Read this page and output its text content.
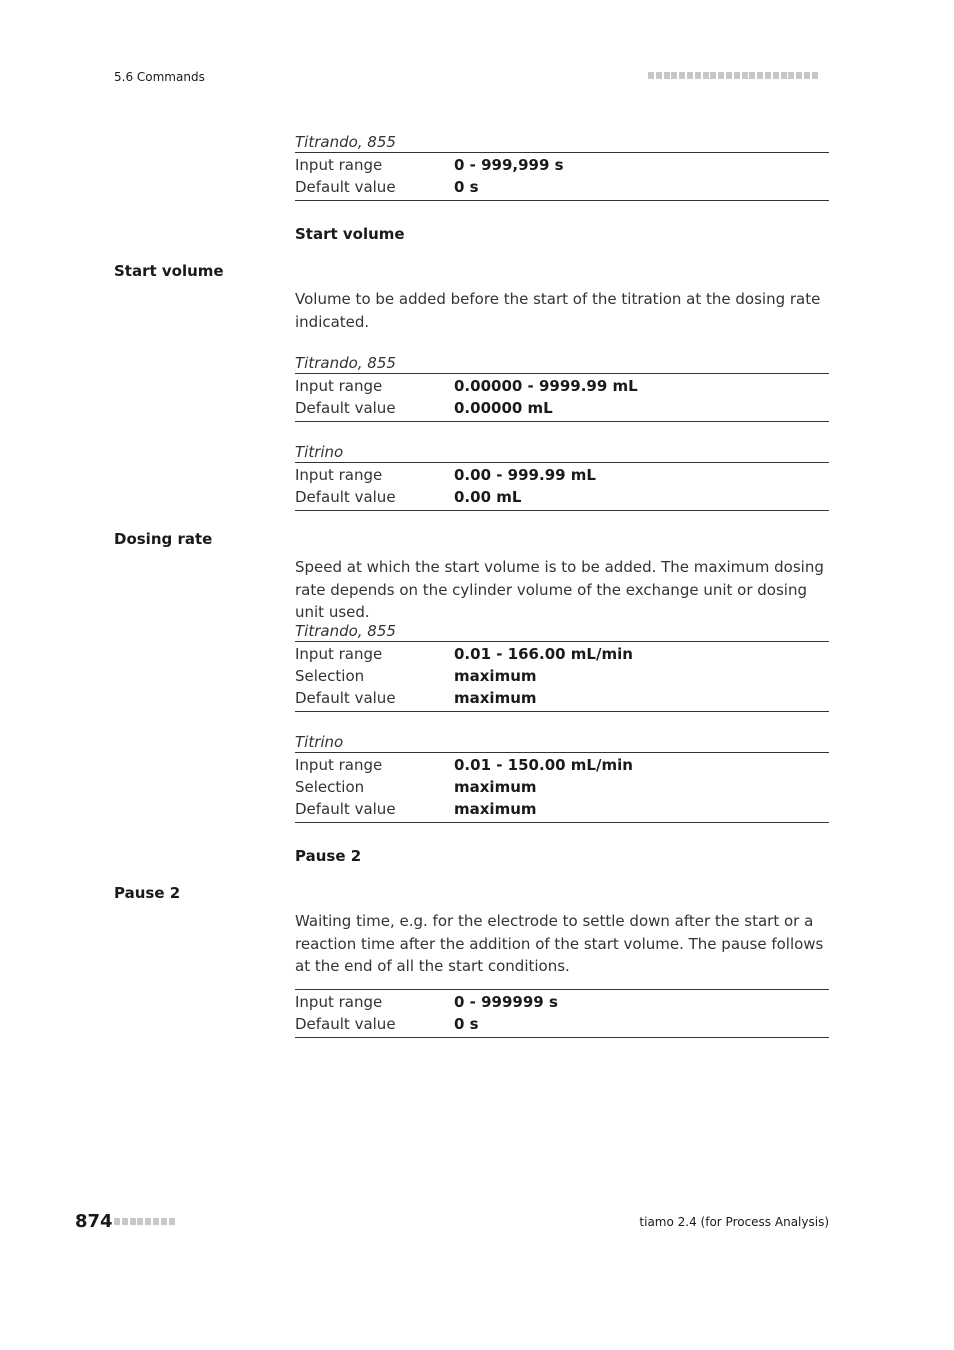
5.6 Commands
Titrando, 855
Input range	0 - 999,999 s
Default value	0 s
Start volume
Start volume
Volume to be added before the start of the titration at the dosing rate indicated.
Titrando, 855
Input range	0.00000 - 9999.99 mL
Default value	0.00000 mL
Titrino
Input range	0.00 - 999.99 mL
Default value	0.00 mL
Dosing rate
Speed at which the start volume is to be added. The maximum dosing rate depends on the cylinder volume of the exchange unit or dosing unit used.
Titrando, 855
Input range	0.01 - 166.00 mL/min
Selection	maximum
Default value	maximum
Titrino
Input range	0.01 - 150.00 mL/min
Selection	maximum
Default value	maximum
Pause 2
Pause 2
Waiting time, e.g. for the electrode to settle down after the start or a reaction time after the addition of the start volume. The pause follows at the end of all the start conditions.
Input range	0 - 999999 s
Default value	0 s
874	tiamo 2.4 (for Process Analysis)
